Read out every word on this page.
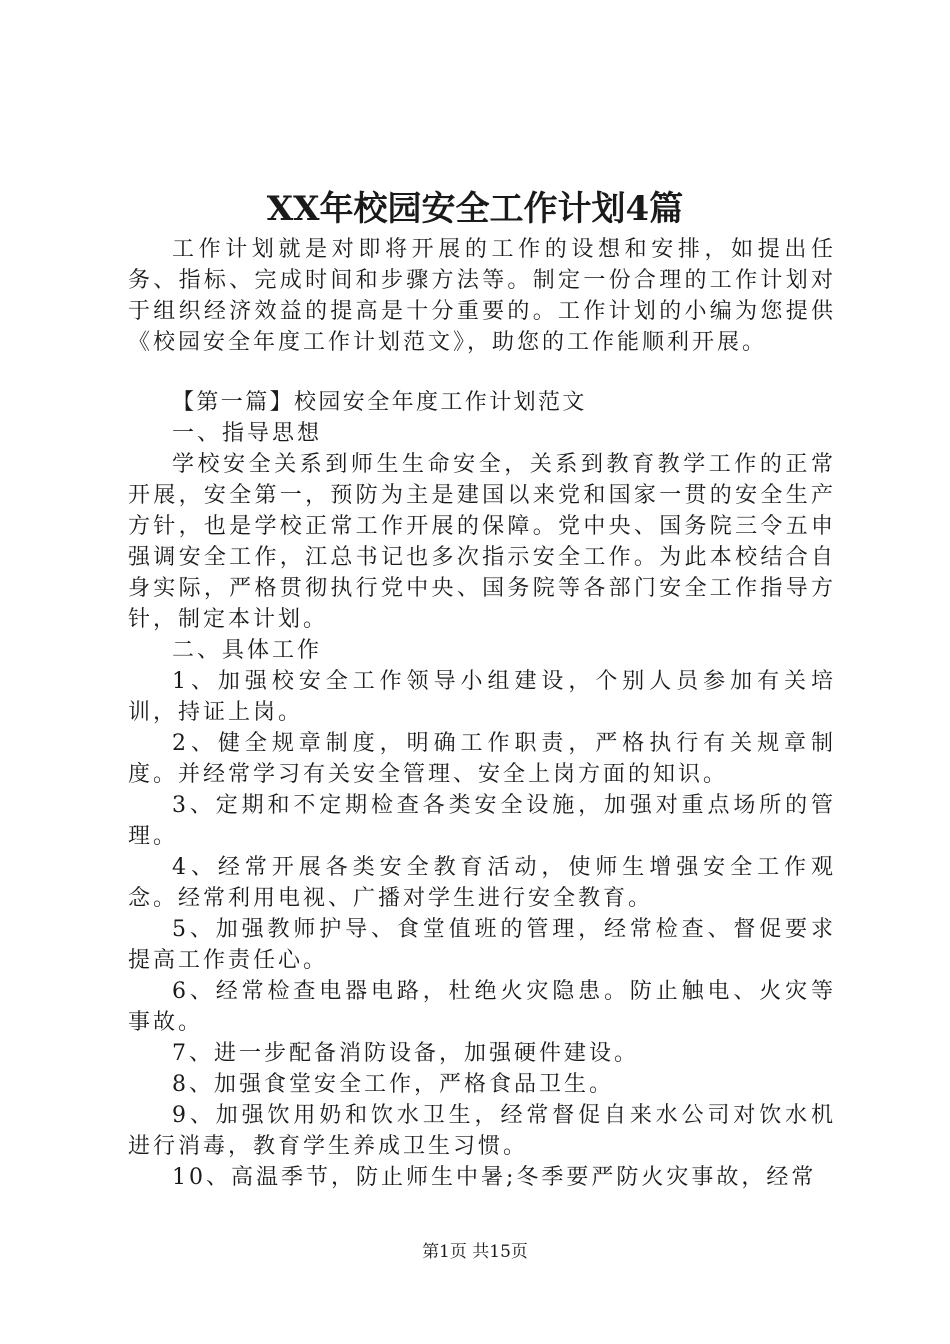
XX年校园安全工作计划4篇

工作计划就是对即将开展的工作的设想和安排，如提出任务、指标、完成时间和步骤方法等。制定一份合理的工作计划对于组织经济效益的提高是十分重要的。工作计划的小编为您提供《校园安全年度工作计划范文》，助您的工作能顺利开展。

【第一篇】校园安全年度工作计划范文

一、指导思想

学校安全关系到师生生命安全，关系到教育教学工作的正常开展，安全第一，预防为主是建国以来党和国家一贯的安全生产方针，也是学校正常工作开展的保障。党中央、国务院三令五申强调安全工作，江总书记也多次指示安全工作。为此本校结合自身实际，严格贯彻执行党中央、国务院等各部门安全工作指导方针，制定本计划。

二、具体工作

1、加强校安全工作领导小组建设，个别人员参加有关培训，持证上岗。

2、健全规章制度，明确工作职责，严格执行有关规章制度。并经常学习有关安全管理、安全上岗方面的知识。

3、定期和不定期检查各类安全设施，加强对重点场所的管理。

4、经常开展各类安全教育活动，使师生增强安全工作观念。经常利用电视、广播对学生进行安全教育。

5、加强教师护导、食堂值班的管理，经常检查、督促要求提高工作责任心。

6、经常检查电器电路，杜绝火灾隐患。防止触电、火灾等事故。

7、进一步配备消防设备，加强硬件建设。

8、加强食堂安全工作，严格食品卫生。

9、加强饮用奶和饮水卫生，经常督促自来水公司对饮水机进行消毒，教育学生养成卫生习惯。

10、高温季节，防止师生中暑;冬季要严防火灾事故，经常

第1页 共15页
